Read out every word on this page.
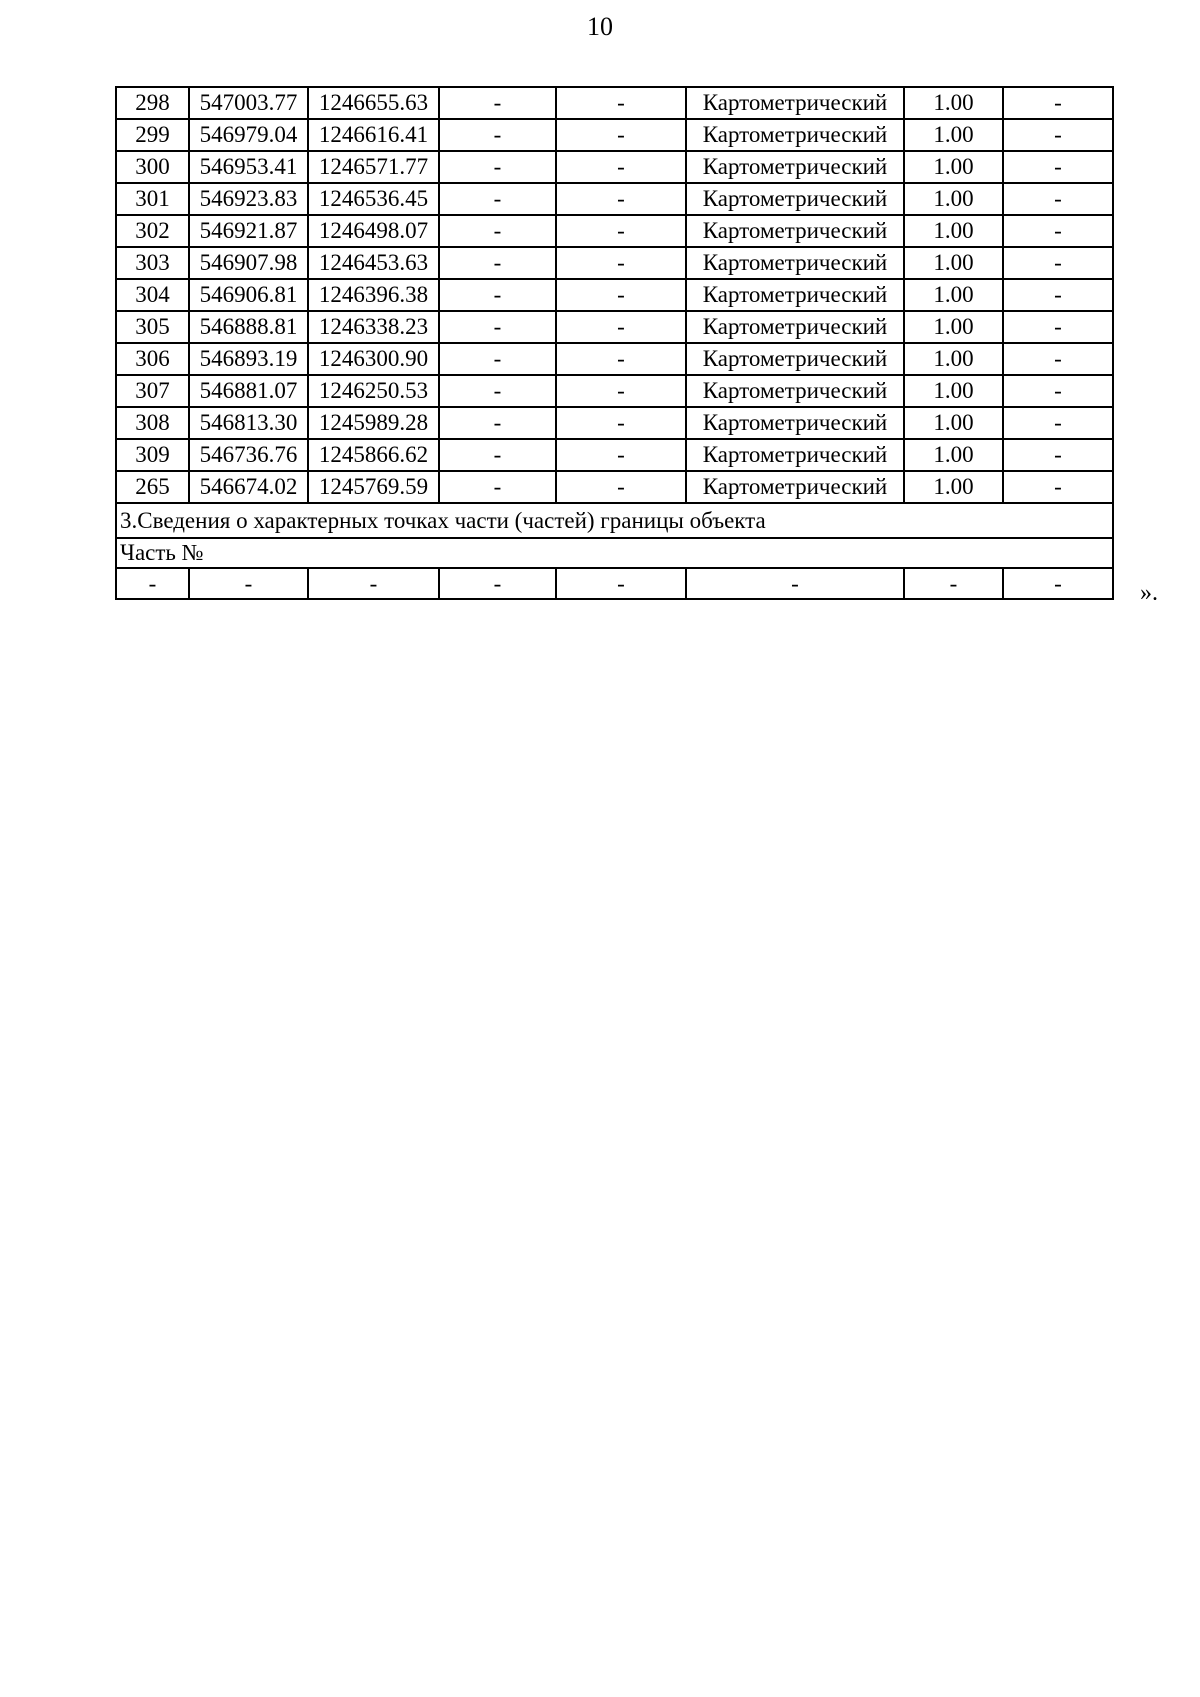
10
298	547003.77	1246655.63	-	-	Картометрический	1.00	-
299	546979.04	1246616.41	-	-	Картометрический	1.00	-
300	546953.41	1246571.77	-	-	Картометрический	1.00	-
301	546923.83	1246536.45	-	-	Картометрический	1.00	-
302	546921.87	1246498.07	-	-	Картометрический	1.00	-
303	546907.98	1246453.63	-	-	Картометрический	1.00	-
304	546906.81	1246396.38	-	-	Картометрический	1.00	-
305	546888.81	1246338.23	-	-	Картометрический	1.00	-
306	546893.19	1246300.90	-	-	Картометрический	1.00	-
307	546881.07	1246250.53	-	-	Картометрический	1.00	-
308	546813.30	1245989.28	-	-	Картометрический	1.00	-
309	546736.76	1245866.62	-	-	Картометрический	1.00	-
265	546674.02	1245769.59	-	-	Картометрический	1.00	-
3.Сведения о характерных точках части (частей) границы объекта							
Часть №							
-	-	-	-	-	-	-	-	».
